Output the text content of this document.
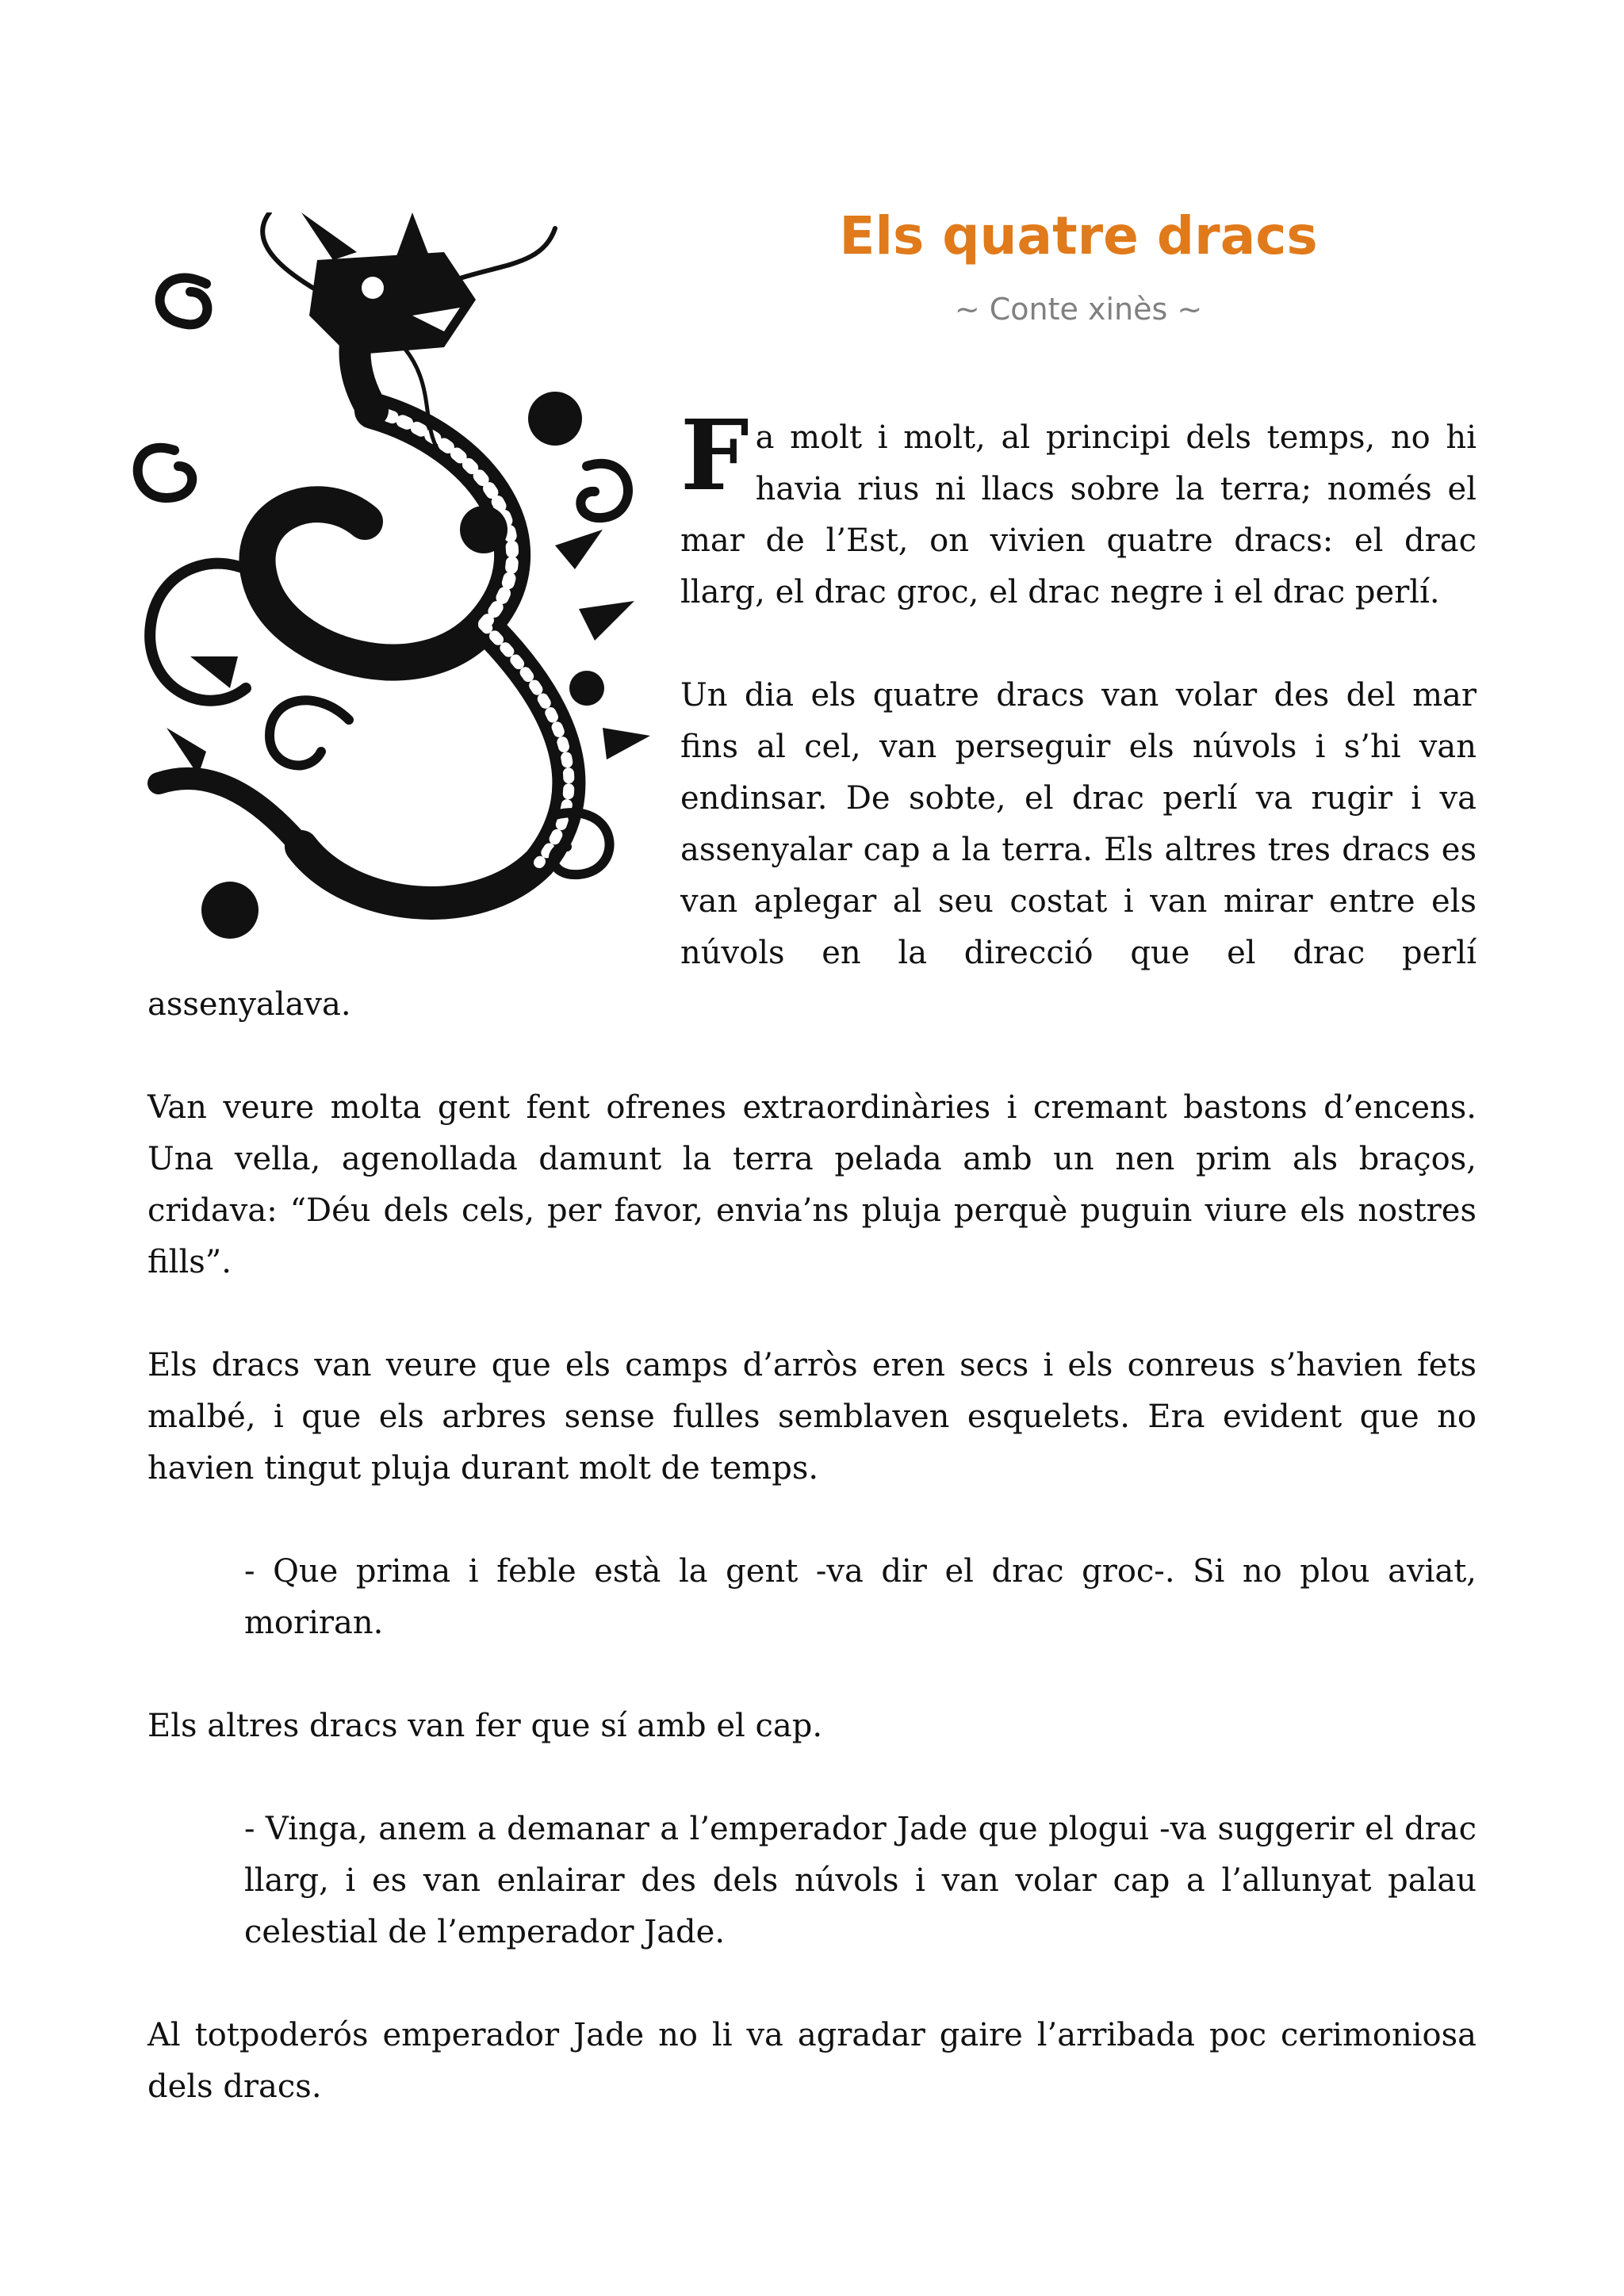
Els quatre dracs

~ Conte xinès ~

Fa molt i molt, al principi dels temps, no hi havia rius ni llacs sobre la terra; només el mar de l’Est, on vivien quatre dracs: el drac llarg, el drac groc, el drac negre i el drac perlí.

Un dia els quatre dracs van volar des del mar fins al cel, van perseguir els núvols i s’hi van endinsar. De sobte, el drac perlí va rugir i va assenyalar cap a la terra. Els altres tres dracs es van aplegar al seu costat i van mirar entre els núvols en la direcció que el drac perlí assenyalava.

Van veure molta gent fent ofrenes extraordinàries i cremant bastons d’encens. Una vella, agenollada damunt la terra pelada amb un nen prim als braços, cridava: “Déu dels cels, per favor, envia’ns pluja perquè puguin viure els nostres fills”.

Els dracs van veure que els camps d’arròs eren secs i els conreus s’havien fets malbé, i que els arbres sense fulles semblaven esquelets. Era evident que no havien tingut pluja durant molt de temps.

- Que prima i feble està la gent -va dir el drac groc-. Si no plou aviat, moriran.

Els altres dracs van fer que sí amb el cap.

- Vinga, anem a demanar a l’emperador Jade que plogui -va suggerir el drac llarg, i es van enlairar des dels núvols i van volar cap a l’allunyat palau celestial de l’emperador Jade.

Al totpoderós emperador Jade no li va agradar gaire l’arribada poc cerimoniosa dels dracs.
